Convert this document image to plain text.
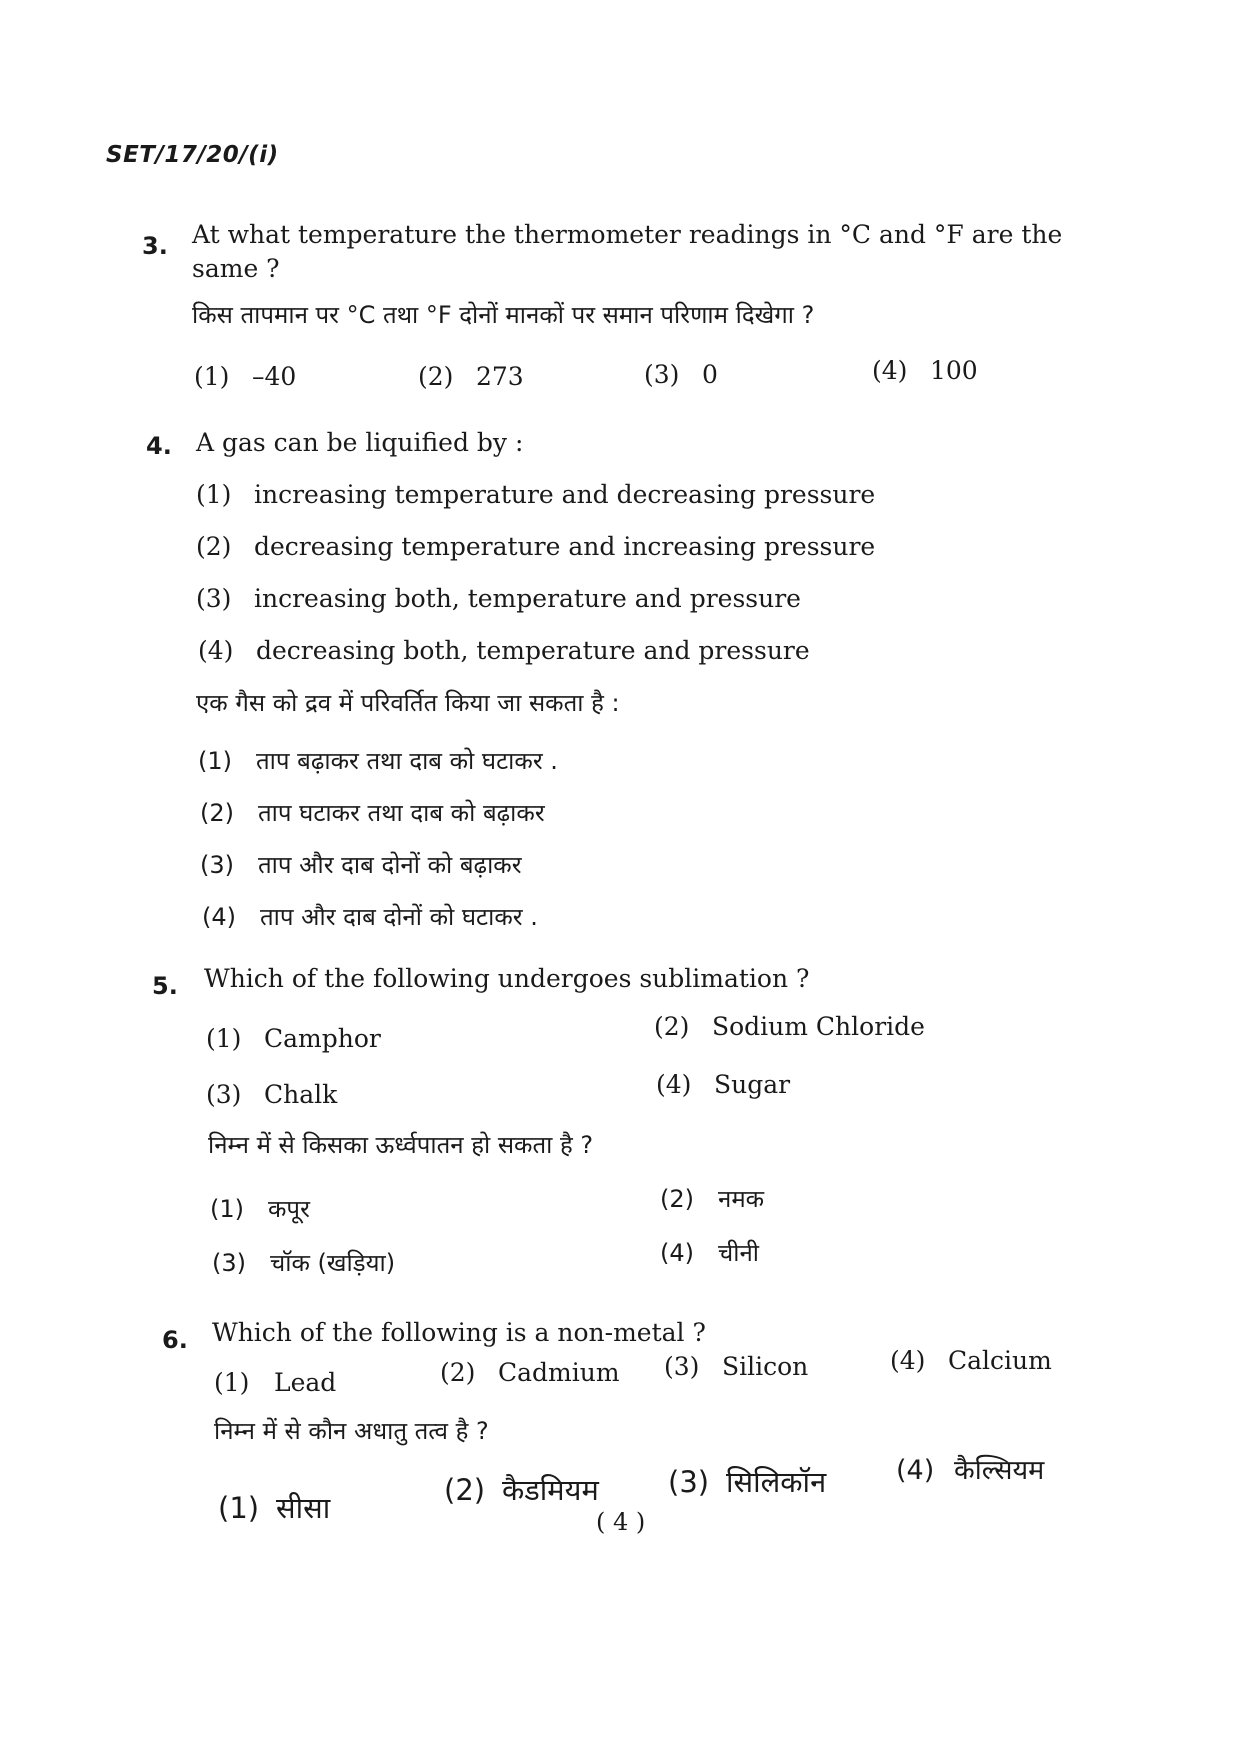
SET/17/20/(i)
3. At what temperature the thermometer readings in °C and °F are the same ?
किस तापमान पर °C तथा °F दोनों मानकों पर समान परिणाम दिखेगा ?
(1) –40	(2) 273	(3) 0	(4) 100
4. A gas can be liquified by :
(1) increasing temperature and decreasing pressure
(2) decreasing temperature and increasing pressure
(3) increasing both, temperature and pressure
(4) decreasing both, temperature and pressure
एक गैस को द्रव में परिवर्तित किया जा सकता है :
(1) ताप बढ़ाकर तथा दाब को घटाकर .
(2) ताप घटाकर तथा दाब को बढ़ाकर
(3) ताप और दाब दोनों को बढ़ाकर
(4) ताप और दाब दोनों को घटाकर .
5. Which of the following undergoes sublimation ?
(1) Camphor	(2) Sodium Chloride
(3) Chalk	(4) Sugar
निम्न में से किसका ऊर्ध्वपातन हो सकता है ?
(1) कपूर	(2) नमक
(3) चॉक (खड़िया)	(4) चीनी
6. Which of the following is a non-metal ?
(1) Lead	(2) Cadmium (3) Silicon	(4) Calcium
निम्न में से कौन अधातु तत्व है ?
(1) सीसा
(2) कैडमियम (3) सिलिकॉन	(4) कैल्सियम
( 4 )
